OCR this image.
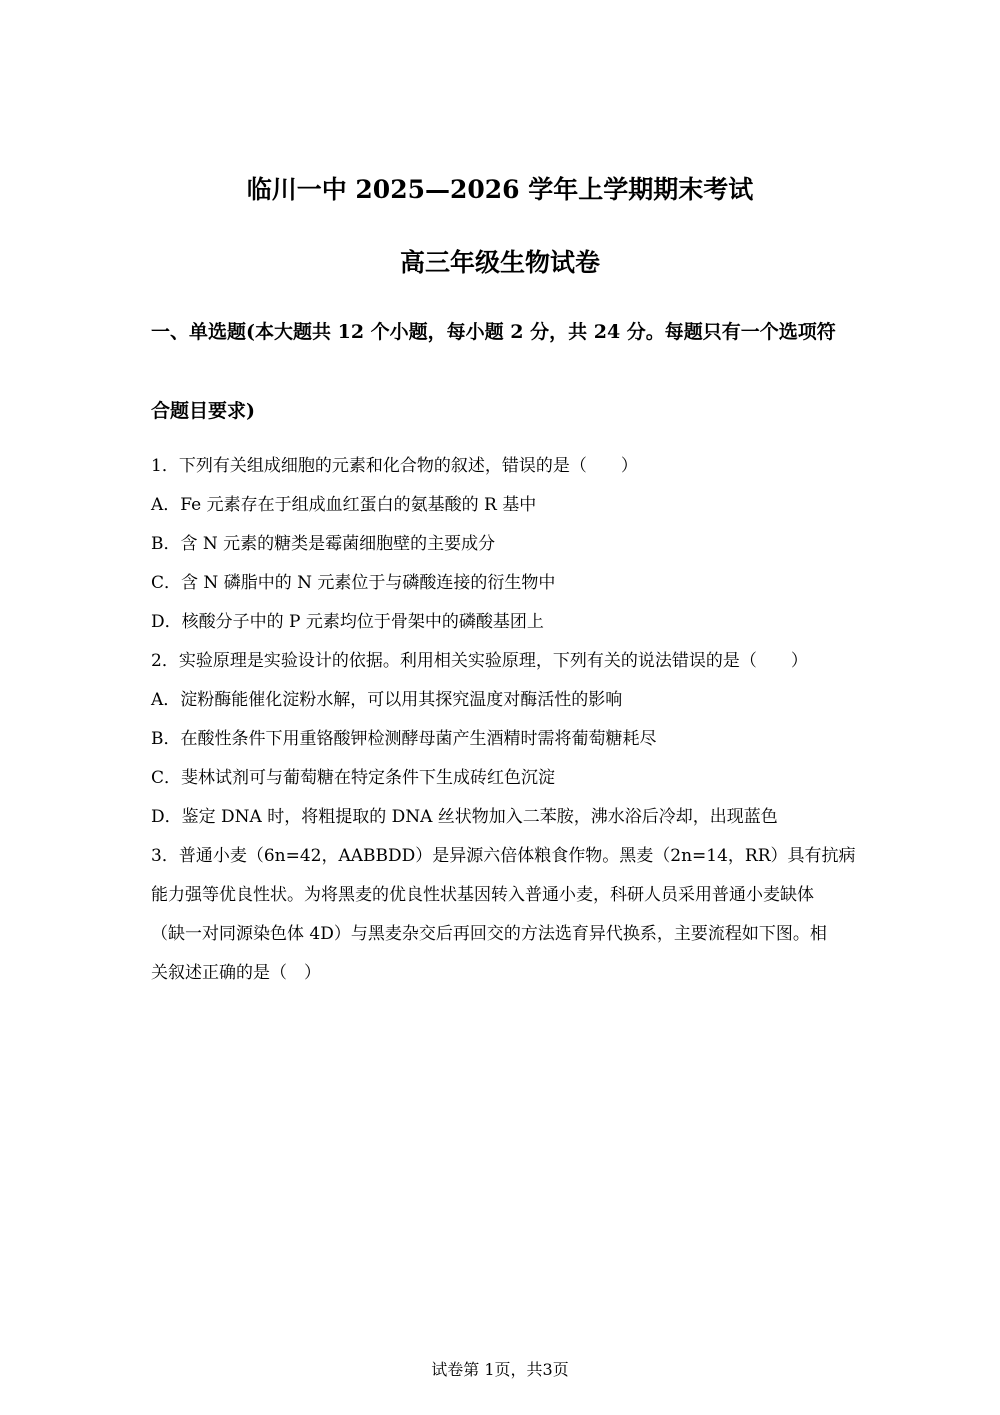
临川一中 2025—2026 学年上学期期末考试
高三年级生物试卷
一、单选题(本大题共 12 个小题，每小题 2 分，共 24 分。每题只有一个选项符
合题目要求)
1．下列有关组成细胞的元素和化合物的叙述，错误的是（　　）
A．Fe 元素存在于组成血红蛋白的氨基酸的 R 基中
B．含 N 元素的糖类是霉菌细胞壁的主要成分
C．含 N 磷脂中的 N 元素位于与磷酸连接的衍生物中
D．核酸分子中的 P 元素均位于骨架中的磷酸基团上
2．实验原理是实验设计的依据。利用相关实验原理，下列有关的说法错误的是（　　）
A．淀粉酶能催化淀粉水解，可以用其探究温度对酶活性的影响
B．在酸性条件下用重铬酸钾检测酵母菌产生酒精时需将葡萄糖耗尽
C．斐林试剂可与葡萄糖在特定条件下生成砖红色沉淀
D．鉴定 DNA 时，将粗提取的 DNA 丝状物加入二苯胺，沸水浴后冷却，出现蓝色
3．普通小麦（6n=42，AABBDD）是异源六倍体粮食作物。黑麦（2n=14，RR）具有抗病
能力强等优良性状。为将黑麦的优良性状基因转入普通小麦，科研人员采用普通小麦缺体
（缺一对同源染色体 4D）与黑麦杂交后再回交的方法选育异代换系，主要流程如下图。相
关叙述正确的是（　）
试卷第 1页，共3页
